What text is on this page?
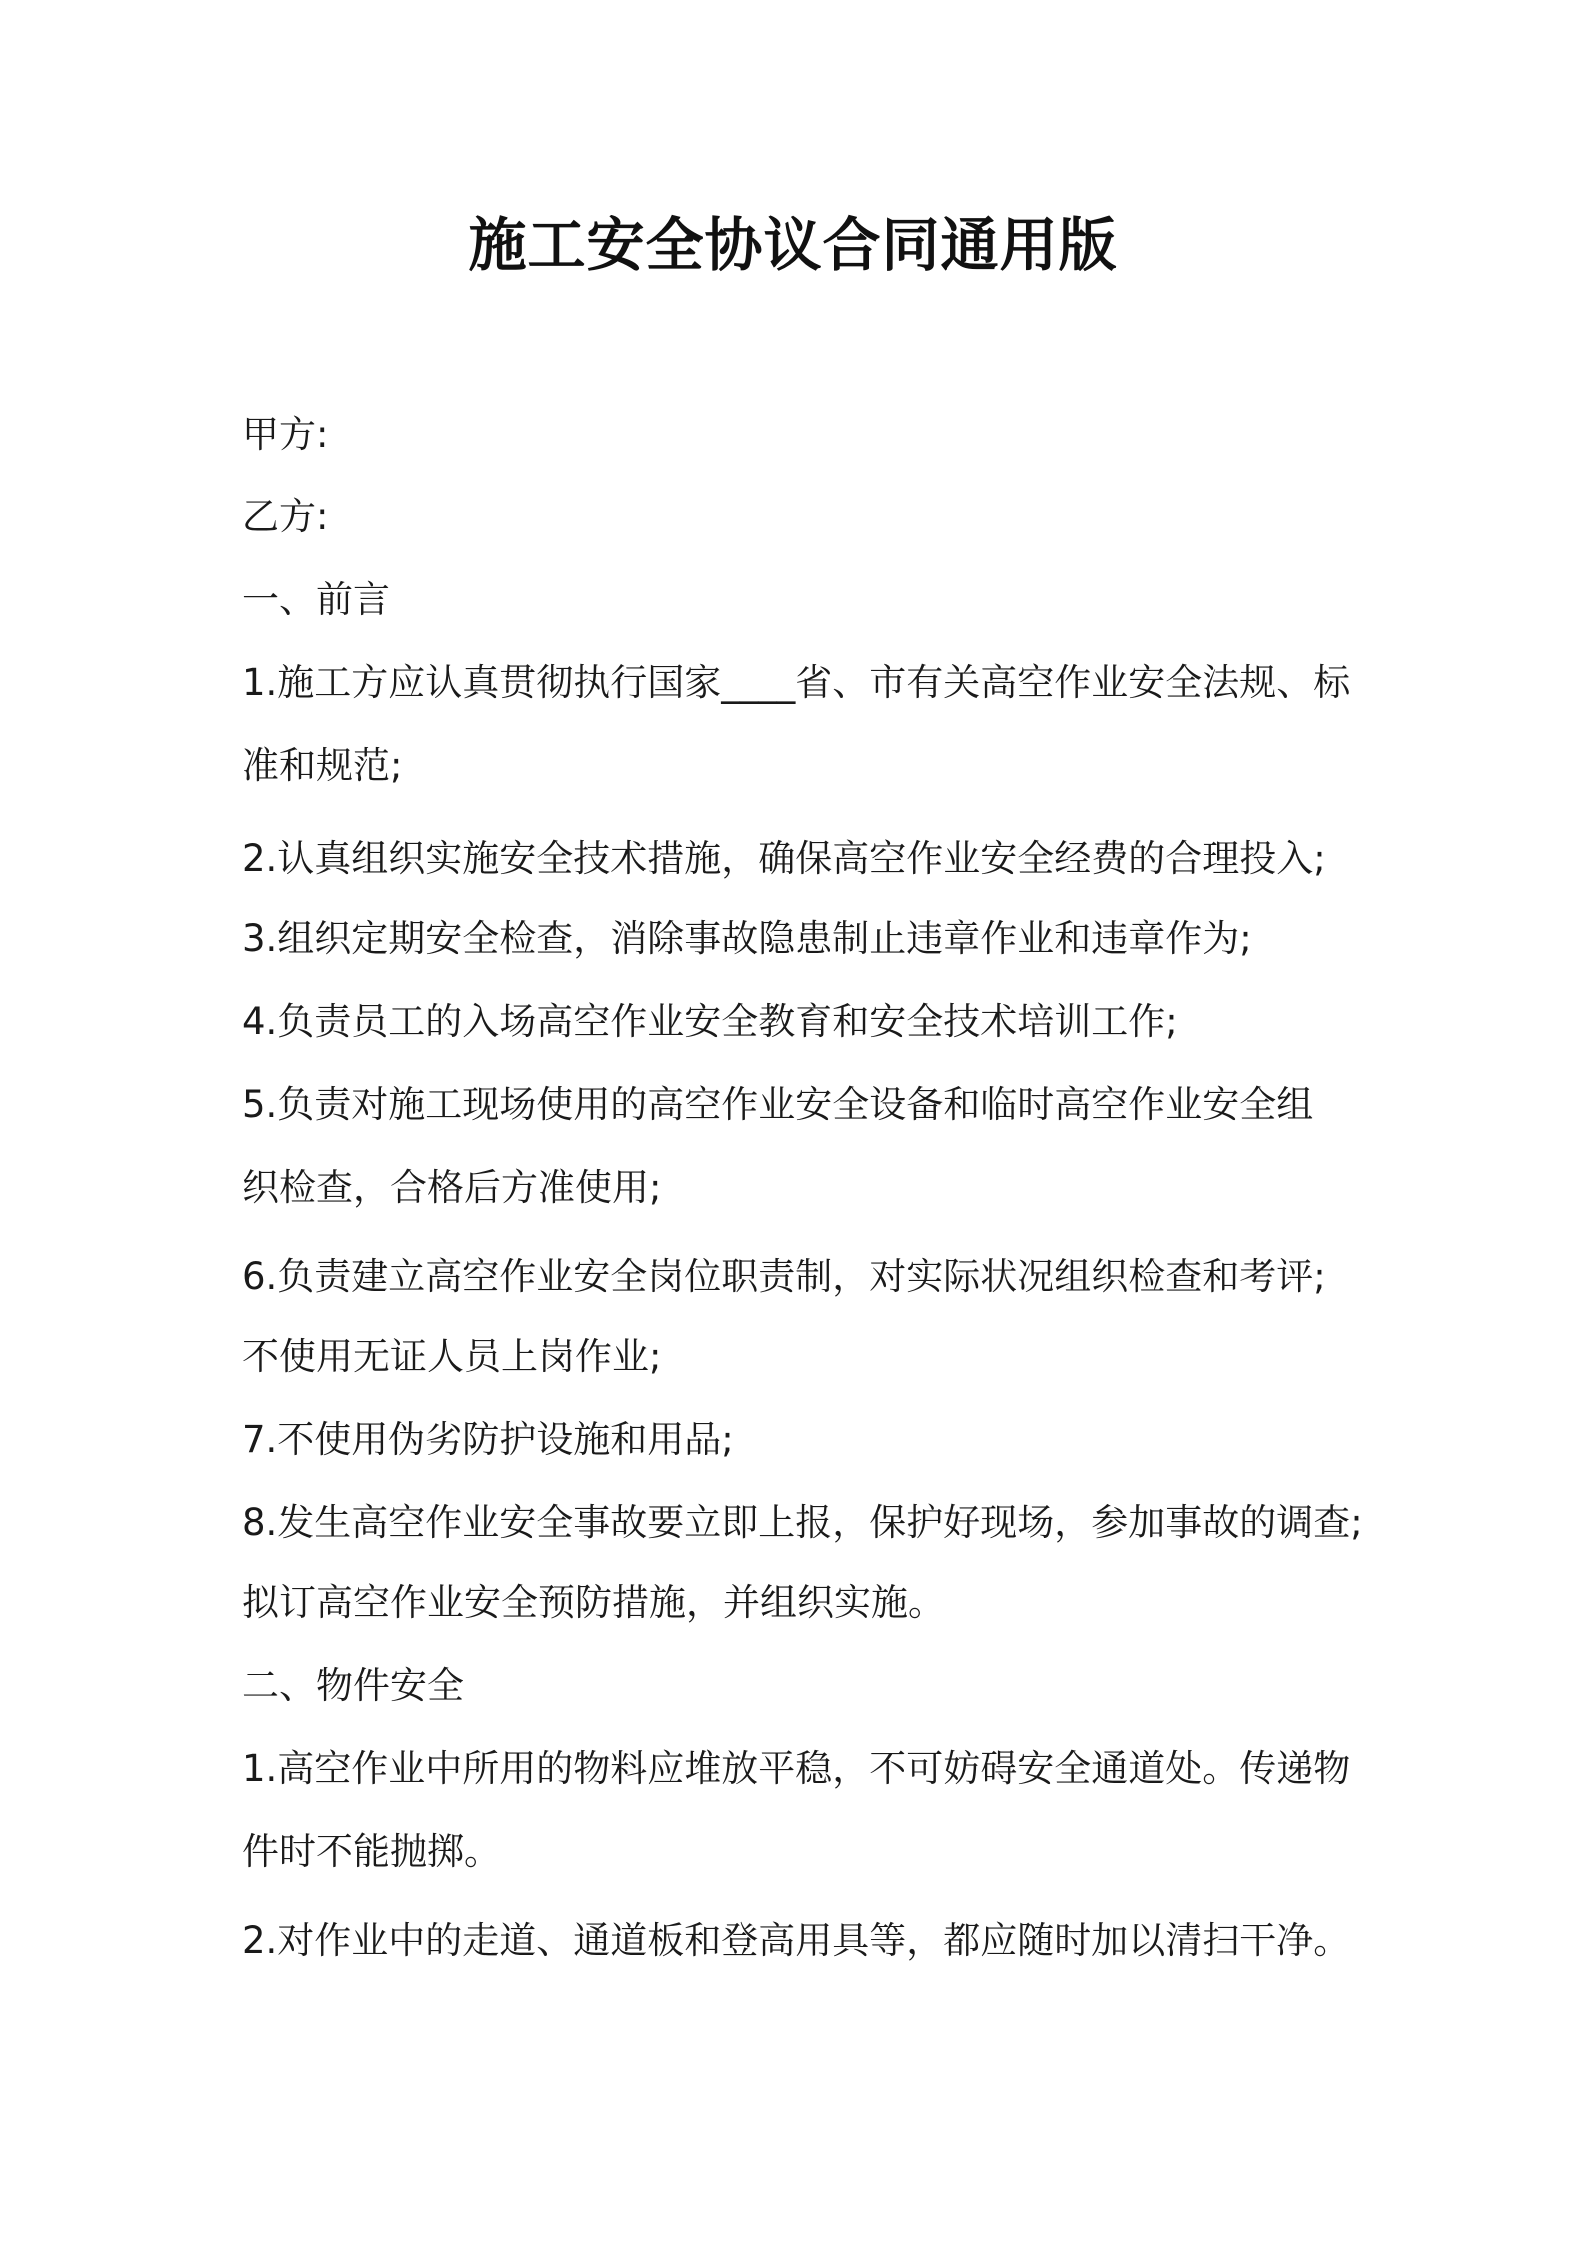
施工安全协议合同通用版
甲方:
乙方:
一、前言
1.施工方应认真贯彻执行国家____省、市有关高空作业安全法规、标
准和规范;
2.认真组织实施安全技术措施，确保高空作业安全经费的合理投入;
3.组织定期安全检查，消除事故隐患制止违章作业和违章作为;
4.负责员工的入场高空作业安全教育和安全技术培训工作;
5.负责对施工现场使用的高空作业安全设备和临时高空作业安全组
织检查，合格后方准使用;
6.负责建立高空作业安全岗位职责制，对实际状况组织检查和考评;
不使用无证人员上岗作业;
7.不使用伪劣防护设施和用品;
8.发生高空作业安全事故要立即上报，保护好现场，参加事故的调查;
拟订高空作业安全预防措施，并组织实施。
二、物件安全
1.高空作业中所用的物料应堆放平稳，不可妨碍安全通道处。传递物
件时不能抛掷。
2.对作业中的走道、通道板和登高用具等，都应随时加以清扫干净。
